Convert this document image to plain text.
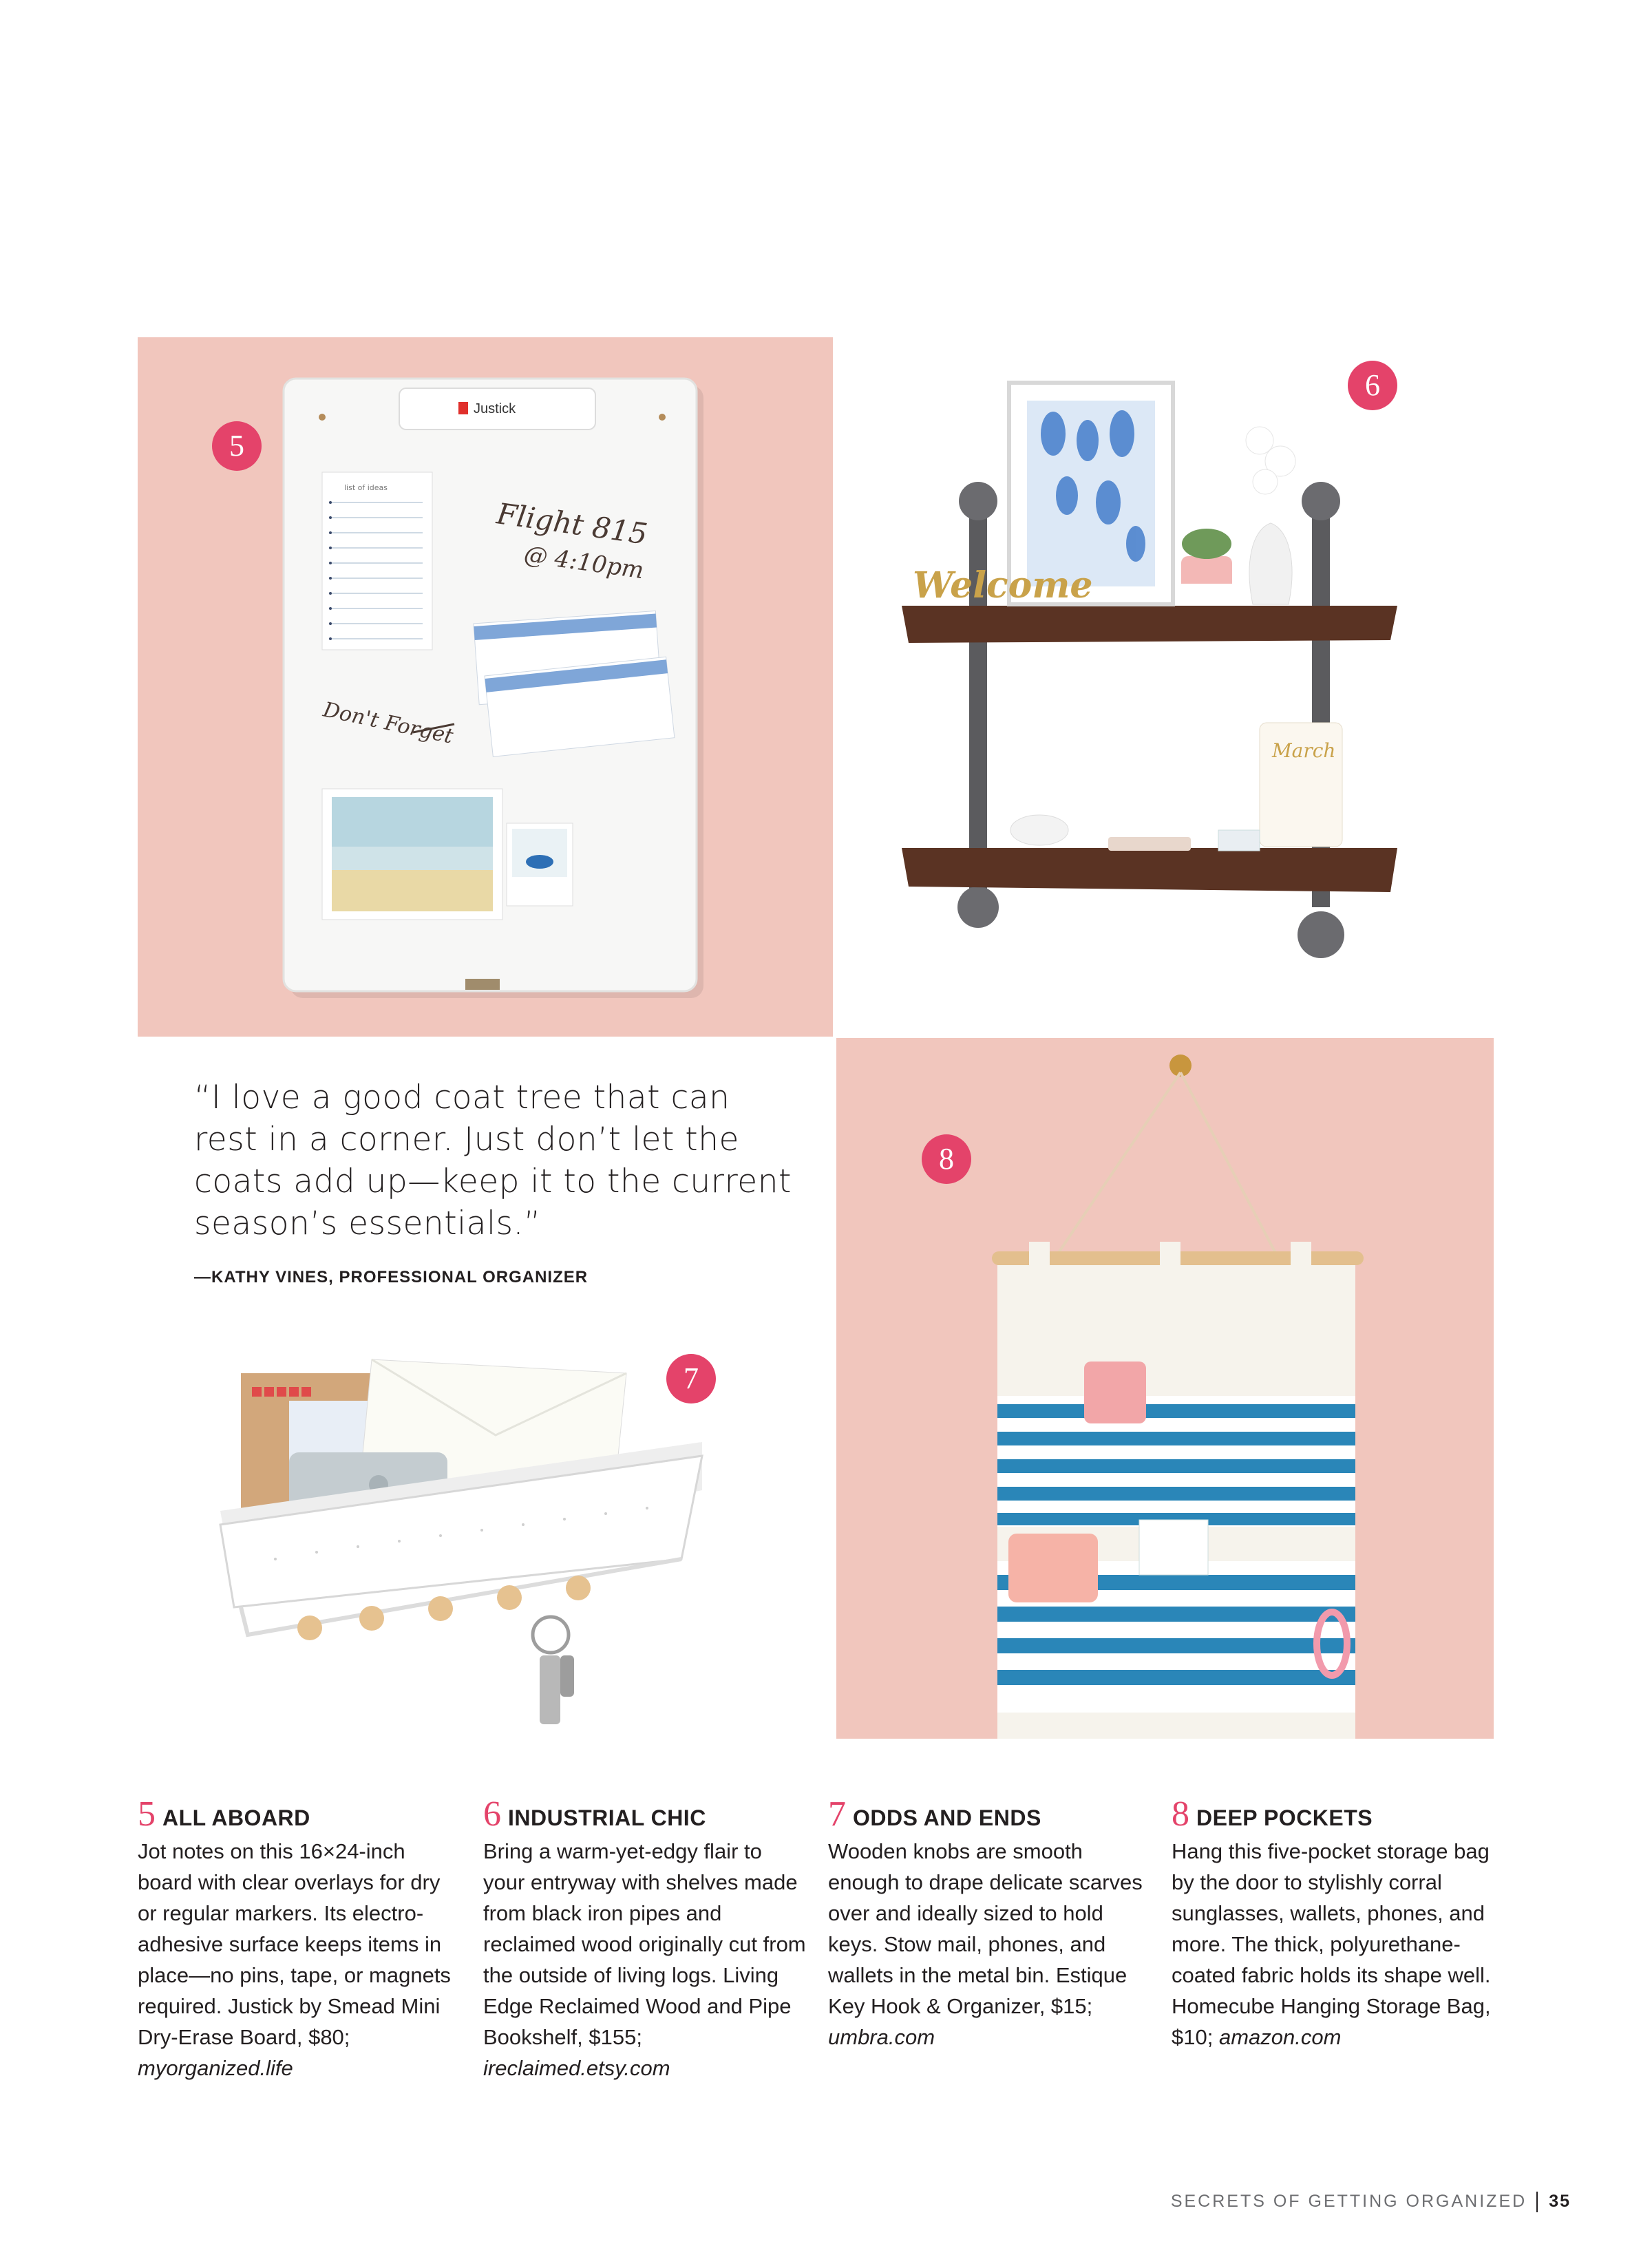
Justick
list of ideas
Flight 815
@ 4:10pm
Don't Forget
5
Welcome
March
6
“I love a good coat tree that can rest in a corner. Just don’t let the coats add up—keep it to the current season’s essentials.”
—KATHY VINES, PROFESSIONAL ORGANIZER
7
8
5 ALL ABOARD
Jot notes on this 16×24-inch board with clear overlays for dry or regular markers. Its electro-adhesive surface keeps items in place—no pins, tape, or magnets required. Justick by Smead Mini Dry-Erase Board, $80; myorganized.life
6 INDUSTRIAL CHIC
Bring a warm-yet-edgy flair to your entryway with shelves made from black iron pipes and reclaimed wood originally cut from the outside of living logs. Living Edge Reclaimed Wood and Pipe Bookshelf, $155; ireclaimed.etsy.com
7 ODDS AND ENDS
Wooden knobs are smooth enough to drape delicate scarves over and ideally sized to hold keys. Stow mail, phones, and wallets in the metal bin. Estique Key Hook & Organizer, $15; umbra.com
8 DEEP POCKETS
Hang this five-pocket storage bag by the door to stylishly corral sunglasses, wallets, phones, and more. The thick, polyurethane-coated fabric holds its shape well. Homecube Hanging Storage Bag, $10; amazon.com
SECRETS OF GETTING ORGANIZED 35
